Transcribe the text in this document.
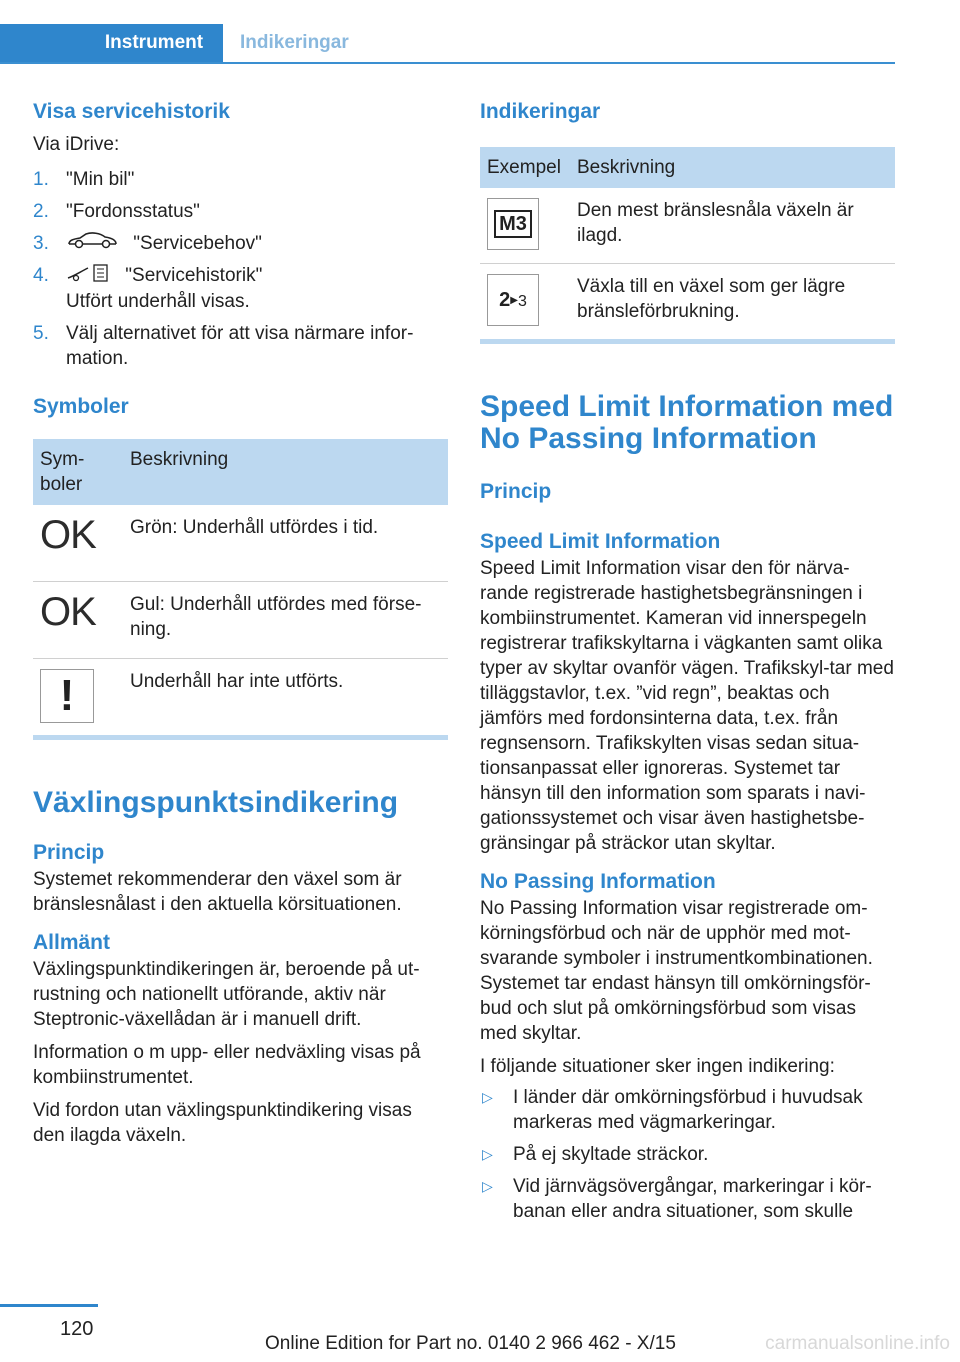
Instrument	Indikeringar
Visa servicehistorik

Via iDrive:

1. "Min bil"
2. "Fordonsstatus"
3.	"Servicebehov"
4.	"Servicehistorik"
Utfört underhåll visas.
5. Välj alternativet för att visa närmare infor-mation.
Symboler
Sym-boler	Beskrivning
OK	Grön: Underhåll utfördes i tid.
OK	Gul: Underhåll utfördes med förse-ning.
!	Underhåll har inte utförts.
Växlingspunktsindikering
Princip

Systemet rekommenderar den växel som är bränslesnålast i den aktuella körsituationen.

Allmänt

Växlingspunktindikeringen är, beroende på ut-rustning och nationellt utförande, aktiv när Steptronic-växellådan är i manuell drift.

Information o m upp- eller nedväxling visas på kombiinstrumentet.

Vid fordon utan växlingspunktindikering visas den ilagda växeln.

Indikeringar
Exempel	Beskrivning
M3	Den mest bränslesnåla växeln är ilagd.
2▶3	Växla till en växel som ger lägre bränsleförbrukning.
Speed Limit Information med No Passing Information
Princip
Speed Limit Information

Speed Limit Information visar den för närva-rande registrerade hastighetsbegränsningen i kombiinstrumentet. Kameran vid innerspegeln registrerar trafikskyltarna i vägkanten samt olika typer av skyltar ovanför vägen. Trafikskyl-tar med tilläggstavlor, t.ex. ”vid regn”, beaktas och jämförs med fordonsinterna data, t.ex. från regnsensorn. Trafikskylten visas sedan situa-tionsanpassat eller ignoreras. Systemet tar hänsyn till den information som sparats i navi-gationssystemet och visar även hastighetsbe-gränsingar på sträckor utan skyltar.

No Passing Information

No Passing Information visar registrerade om-körningsförbud och när de upphör med mot-svarande symboler i instrumentkombinationen. Systemet tar endast hänsyn till omkörningsför-bud och slut på omkörningsförbud som visas med skyltar.

I följande situationer sker ingen indikering:

▷ I länder där omkörningsförbud i huvudsak markeras med vägmarkeringar.
▷ På ej skyltade sträckor.
▷ Vid järnvägsövergångar, markeringar i kör-banan eller andra situationer, som skulle
120
Online Edition for Part no. 0140 2 966 462 - X/15	carmanualsonline.info
